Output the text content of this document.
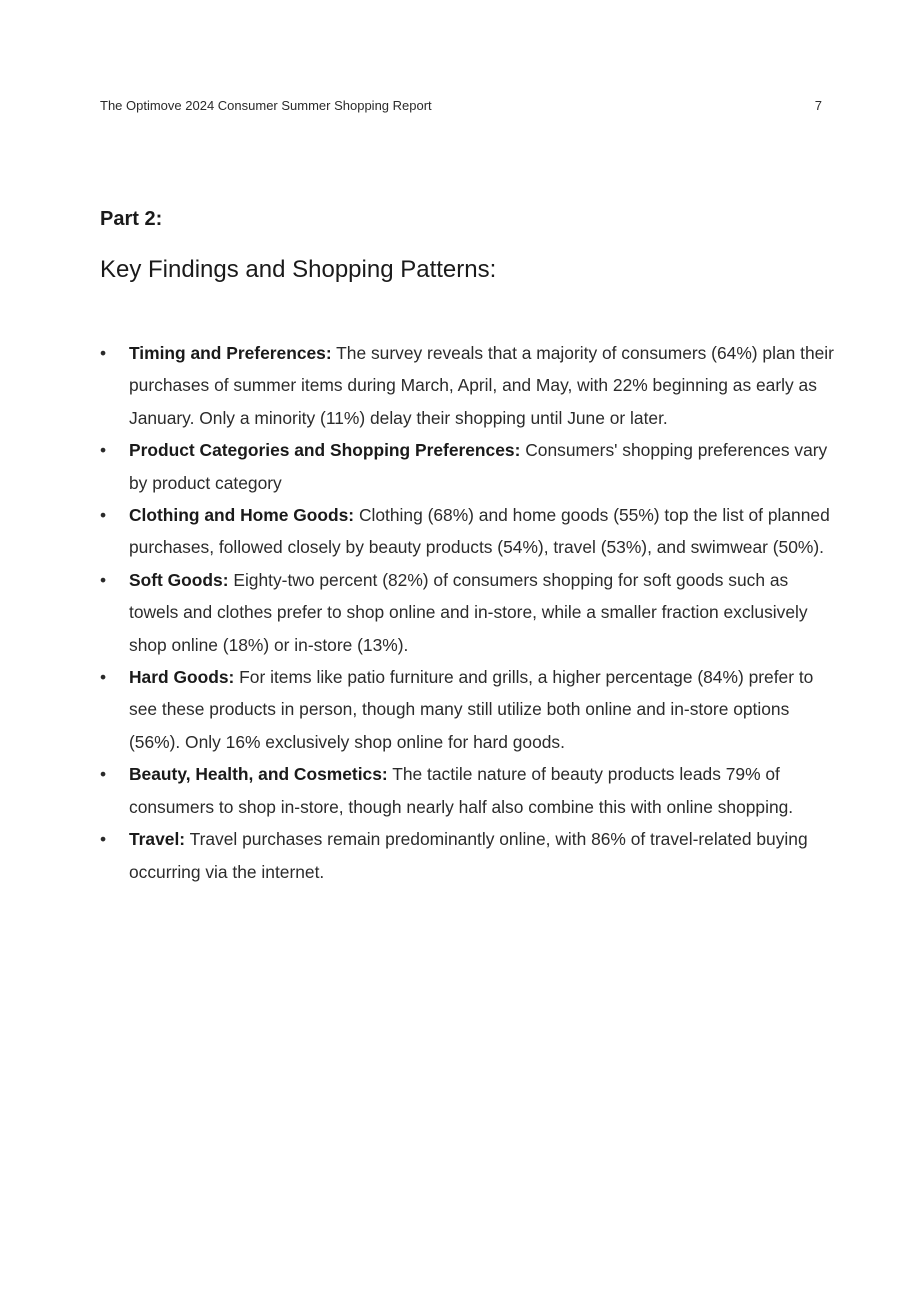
The Optimove 2024 Consumer Summer Shopping Report	7
Part 2:
Key Findings and Shopping Patterns:
•	Timing and Preferences: The survey reveals that a majority of consumers (64%) plan their purchases of summer items during March, April, and May, with 22% beginning as early as January. Only a minority (11%) delay their shopping until June or later.
•	Product Categories and Shopping Preferences: Consumers' shopping preferences vary by product category
•	Clothing and Home Goods: Clothing (68%) and home goods (55%) top the list of planned purchases, followed closely by beauty products (54%), travel (53%), and swimwear (50%).
•	Soft Goods: Eighty-two percent (82%) of consumers shopping for soft goods such as towels and clothes prefer to shop online and in-store, while a smaller fraction exclusively shop online (18%) or in-store (13%).
•	Hard Goods: For items like patio furniture and grills, a higher percentage (84%) prefer to see these products in person, though many still utilize both online and in-store options (56%). Only 16% exclusively shop online for hard goods.
•	Beauty, Health, and Cosmetics: The tactile nature of beauty products leads 79% of consumers to shop in-store, though nearly half also combine this with online shopping.
•	Travel: Travel purchases remain predominantly online, with 86% of travel-related buying occurring via the internet.
